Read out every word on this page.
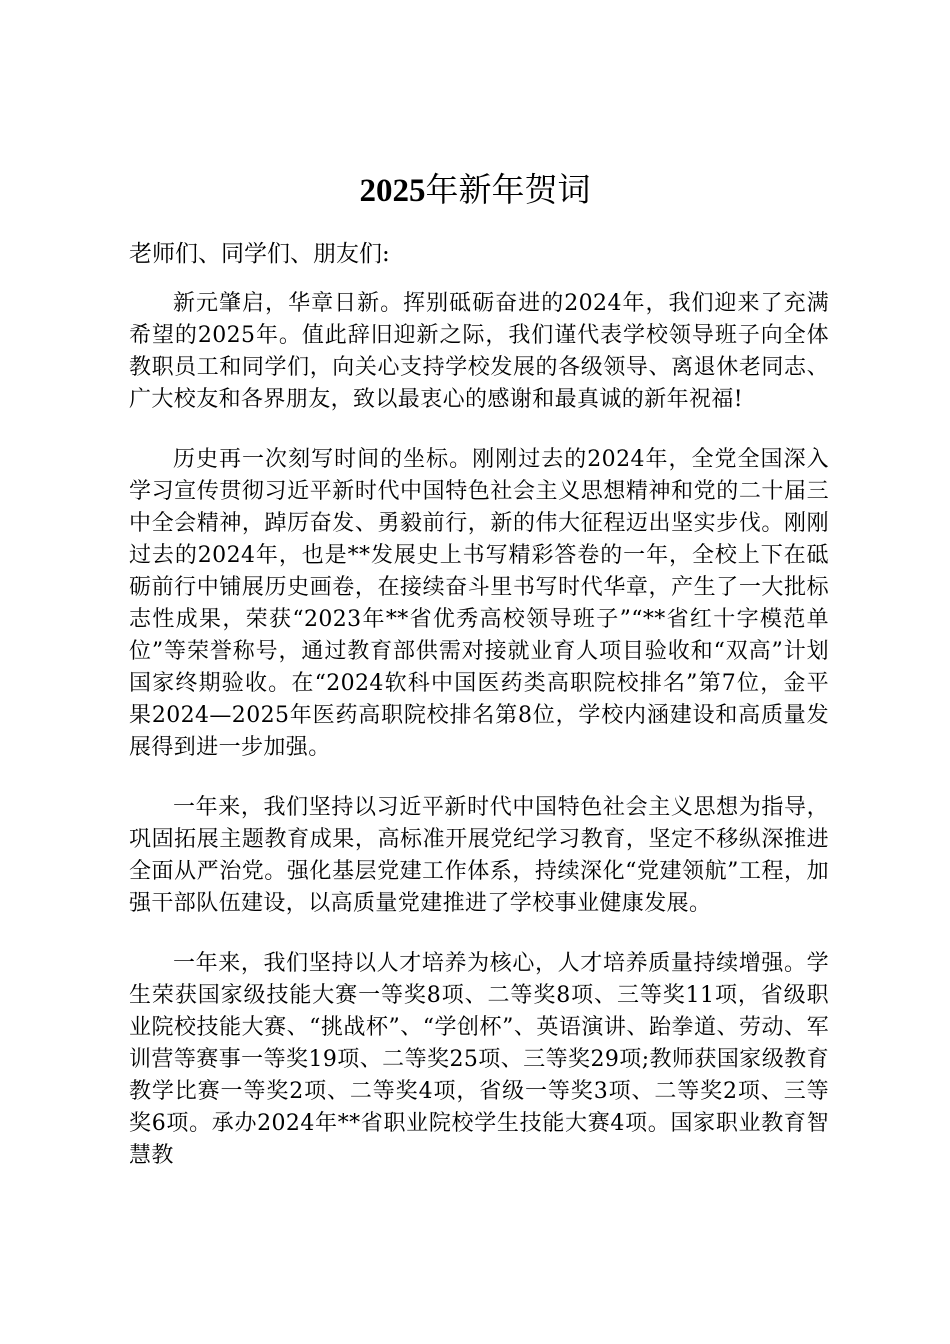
2025年新年贺词

老师们、同学们、朋友们:

新元肇启，华章日新。挥别砥砺奋进的2024年，我们迎来了充满希望的2025年。值此辞旧迎新之际，我们谨代表学校领导班子向全体教职员工和同学们，向关心支持学校发展的各级领导、离退休老同志、广大校友和各界朋友，致以最衷心的感谢和最真诚的新年祝福!

历史再一次刻写时间的坐标。刚刚过去的2024年，全党全国深入学习宣传贯彻习近平新时代中国特色社会主义思想精神和党的二十届三中全会精神，踔厉奋发、勇毅前行，新的伟大征程迈出坚实步伐。刚刚过去的2024年，也是**发展史上书写精彩答卷的一年，全校上下在砥砺前行中铺展历史画卷，在接续奋斗里书写时代华章，产生了一大批标志性成果，荣获“2023年**省优秀高校领导班子”“**省红十字模范单位”等荣誉称号，通过教育部供需对接就业育人项目验收和“双高”计划国家终期验收。在“2024软科中国医药类高职院校排名”第7位，金平果2024—2025年医药高职院校排名第8位，学校内涵建设和高质量发展得到进一步加强。

一年来，我们坚持以习近平新时代中国特色社会主义思想为指导，巩固拓展主题教育成果，高标准开展党纪学习教育，坚定不移纵深推进全面从严治党。强化基层党建工作体系，持续深化“党建领航”工程，加强干部队伍建设，以高质量党建推进了学校事业健康发展。

一年来，我们坚持以人才培养为核心，人才培养质量持续增强。学生荣获国家级技能大赛一等奖8项、二等奖8项、三等奖11项，省级职业院校技能大赛、“挑战杯”、“学创杯”、英语演讲、跆拳道、劳动、军训营等赛事一等奖19项、二等奖25项、三等奖29项;教师获国家级教育教学比赛一等奖2项、二等奖4项，省级一等奖3项、二等奖2项、三等奖6项。承办2024年**省职业院校学生技能大赛4项。国家职业教育智慧教
